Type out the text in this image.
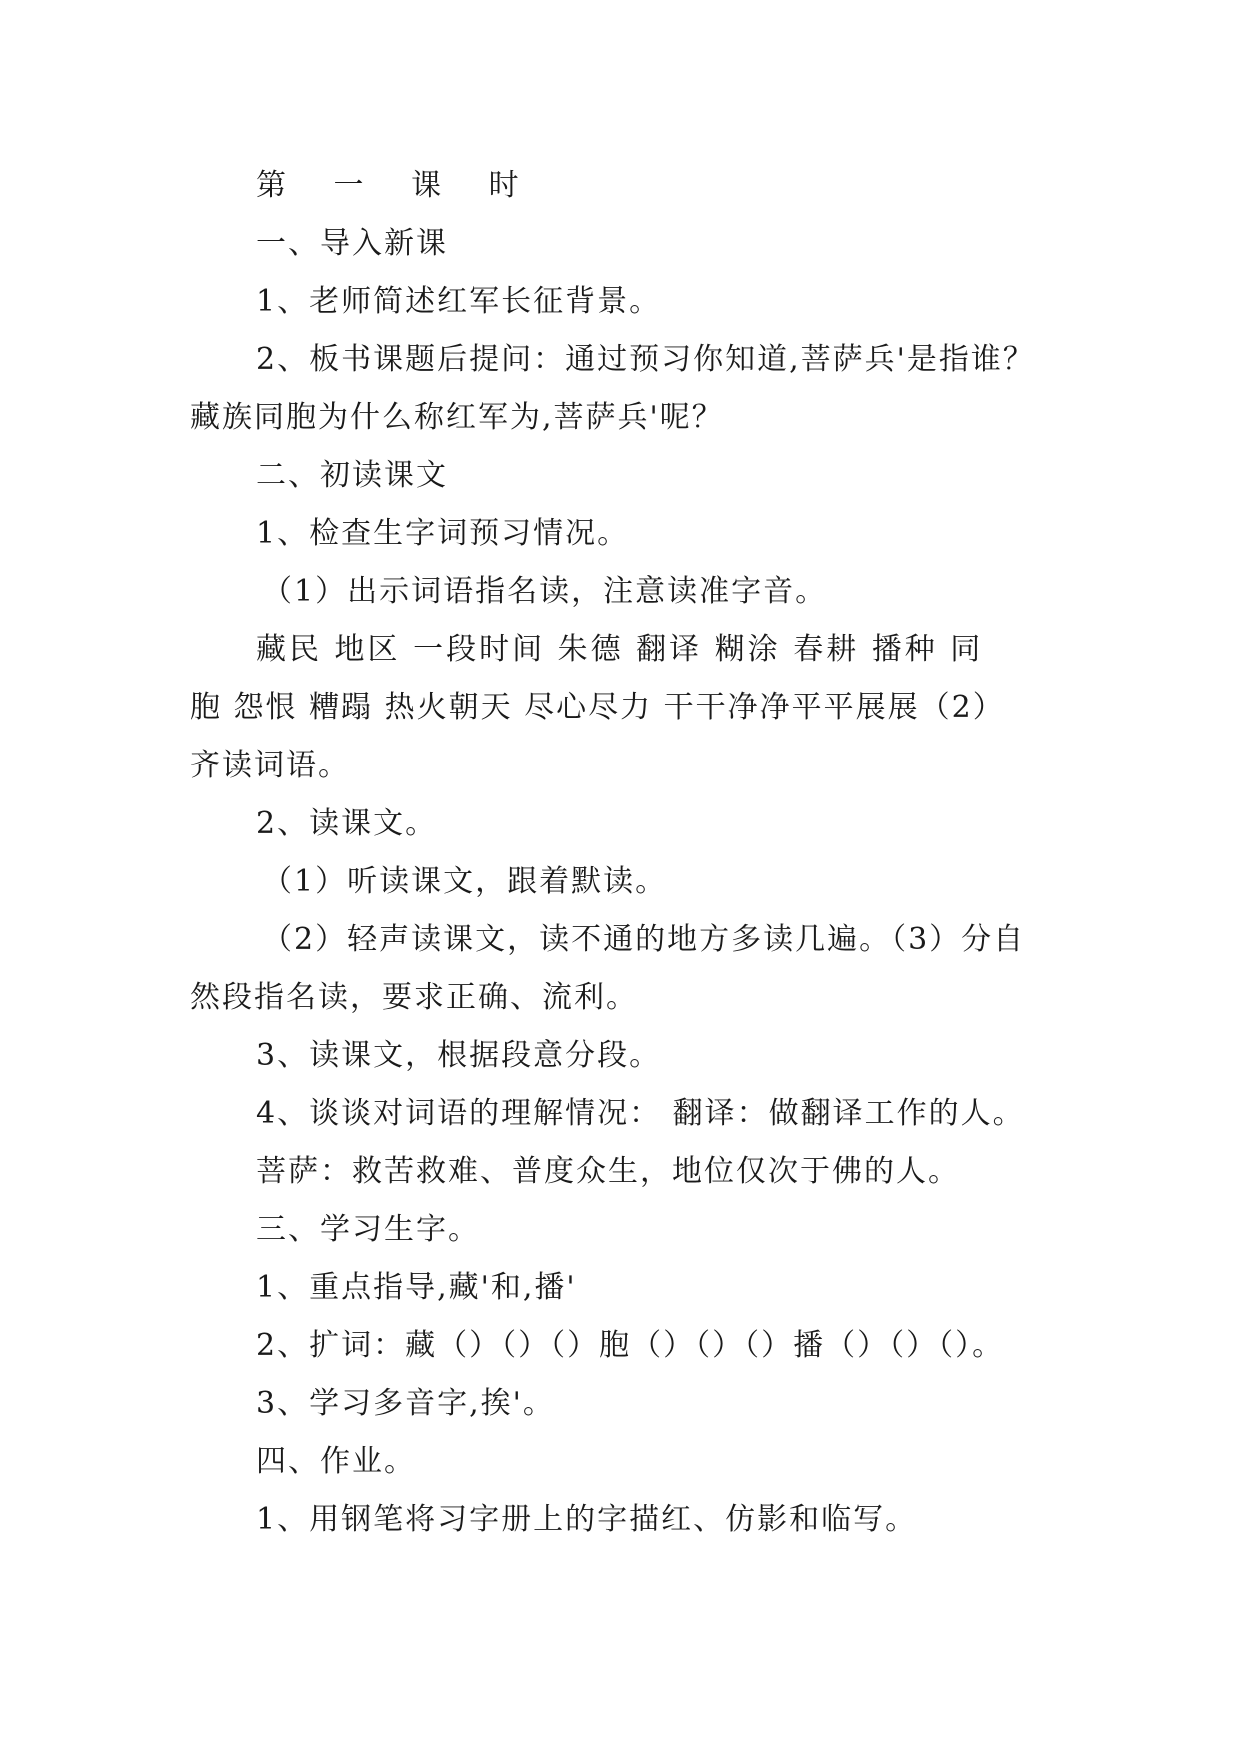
第 一 课 时
一、导入新课
1、老师简述红军长征背景。
2、板书课题后提问：通过预习你知道,菩萨兵'是指谁？
藏族同胞为什么称红军为,菩萨兵'呢？
二、初读课文
1、检查生字词预习情况。
（1）出示词语指名读，注意读准字音。
藏民 地区 一段时间 朱德 翻译 糊涂 春耕 播种 同
胞 怨恨 糟蹋 热火朝天 尽心尽力 干干净净平平展展（2）
齐读词语。
2、读课文。
（1）听读课文，跟着默读。
（2）轻声读课文，读不通的地方多读几遍。（3）分自
然段指名读，要求正确、流利。
3、读课文，根据段意分段。
4、谈谈对词语的理解情况： 翻译：做翻译工作的人。
菩萨：救苦救难、普度众生，地位仅次于佛的人。
三、学习生字。
1、重点指导,藏'和,播'
2、扩词：藏（）（）（）胞（）（）（）播（）（）（）。
3、学习多音字,挨'。
四、作业。
1、用钢笔将习字册上的字描红、仿影和临写。
